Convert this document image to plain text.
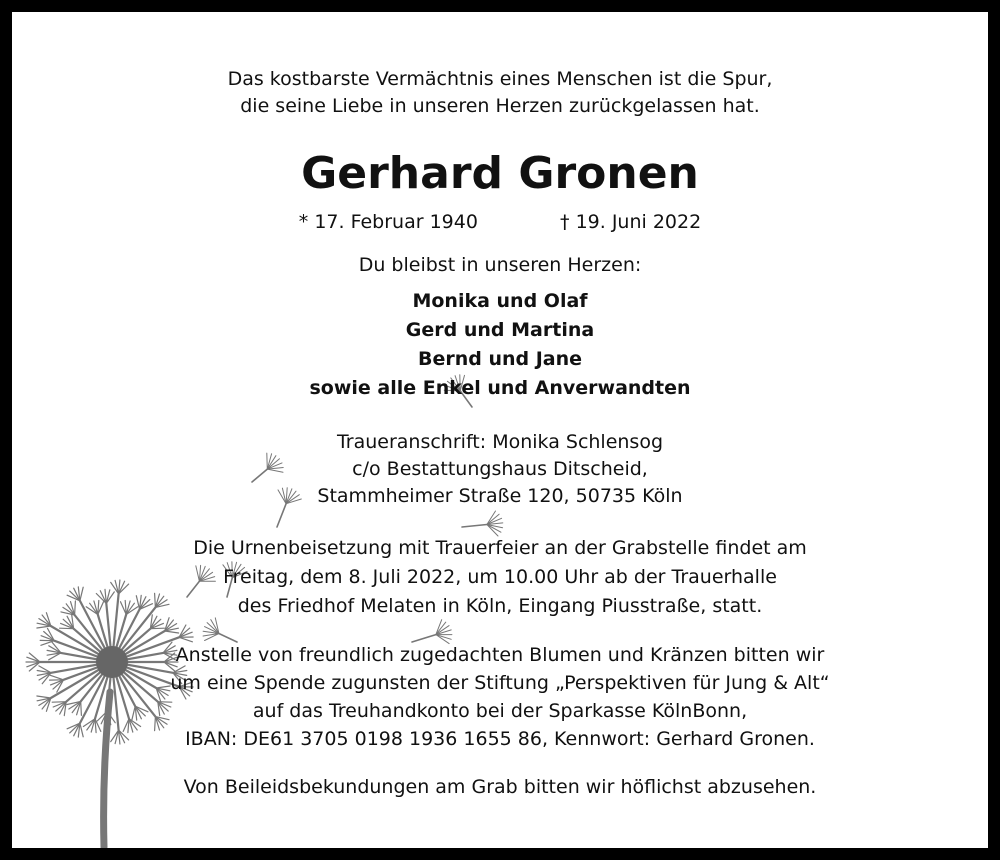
Das kostbarste Vermächtnis eines Menschen ist die Spur,
die seine Liebe in unseren Herzen zurückgelassen hat.
Gerhard Gronen
* 17. Februar 1940	† 19. Juni 2022
Du bleibst in unseren Herzen:
Monika und Olaf
Gerd und Martina
Bernd und Jane
sowie alle Enkel und Anverwandten
Traueranschrift: Monika Schlensog
c/o Bestattungshaus Ditscheid,
Stammheimer Straße 120, 50735 Köln
Die Urnenbeisetzung mit Trauerfeier an der Grabstelle findet am
Freitag, dem 8. Juli 2022, um 10.00 Uhr ab der Trauerhalle
des Friedhof Melaten in Köln, Eingang Piusstraße, statt.
Anstelle von freundlich zugedachten Blumen und Kränzen bitten wir
um eine Spende zugunsten der Stiftung „Perspektiven für Jung & Alt“
auf das Treuhandkonto bei der Sparkasse KölnBonn,
IBAN: DE61 3705 0198 1936 1655 86, Kennwort: Gerhard Gronen.
Von Beileidsbekundungen am Grab bitten wir höflichst abzusehen.
